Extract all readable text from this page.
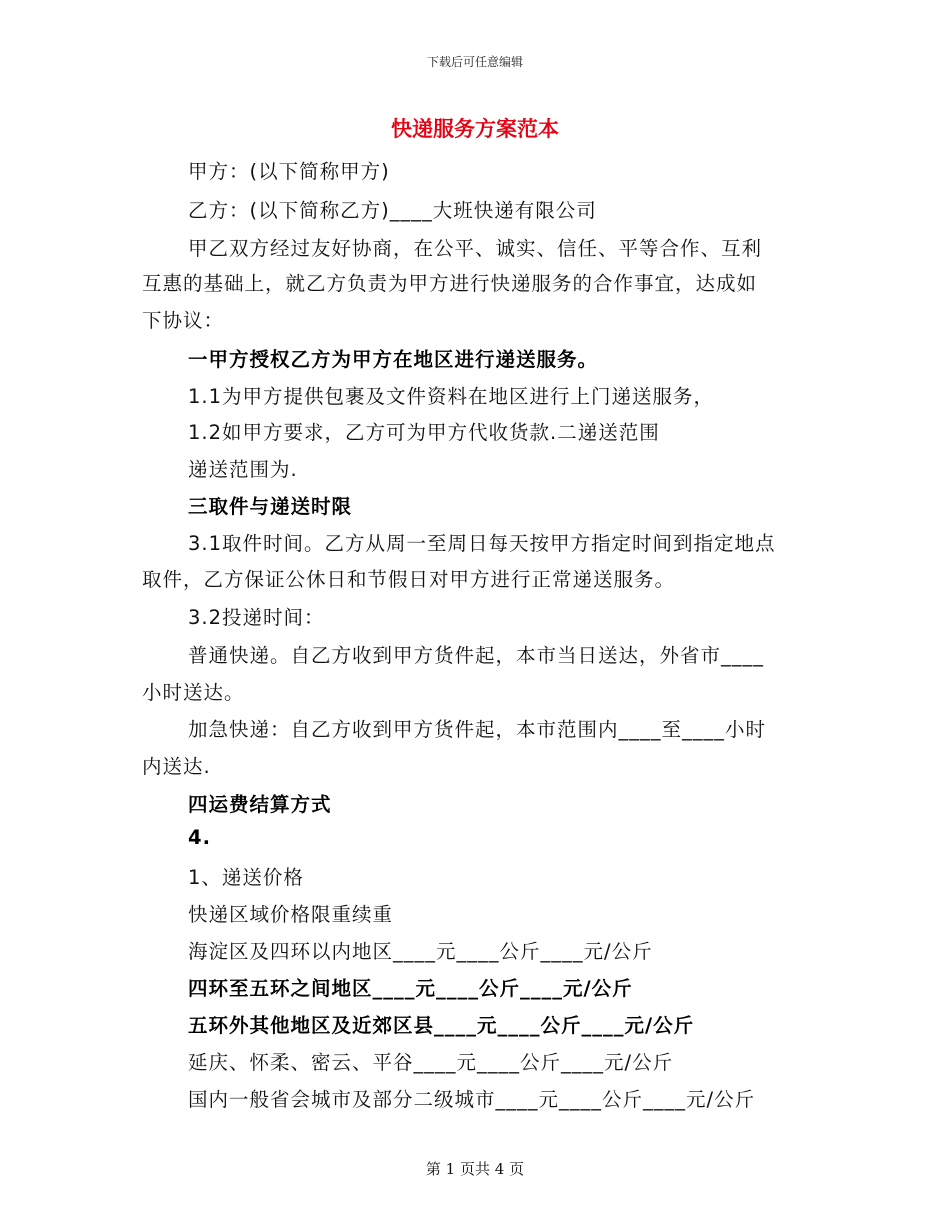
下载后可任意编辑
快递服务方案范本
甲方：(以下简称甲方)
乙方：(以下简称乙方)____大班快递有限公司
甲乙双方经过友好协商，在公平、诚实、信任、平等合作、互利
互惠的基础上，就乙方负责为甲方进行快递服务的合作事宜，达成如
下协议：
一甲方授权乙方为甲方在地区进行递送服务。
1.1为甲方提供包裹及文件资料在地区进行上门递送服务，
1.2如甲方要求，乙方可为甲方代收货款.二递送范围
递送范围为.
三取件与递送时限
3.1取件时间。乙方从周一至周日每天按甲方指定时间到指定地点
取件，乙方保证公休日和节假日对甲方进行正常递送服务。
3.2投递时间：
普通快递。自乙方收到甲方货件起，本市当日送达，外省市____
小时送达。
加急快递：自乙方收到甲方货件起，本市范围内____至____小时
内送达.
四运费结算方式
4.
1、递送价格
快递区域价格限重续重
海淀区及四环以内地区____元____公斤____元/公斤
四环至五环之间地区____元____公斤____元/公斤
五环外其他地区及近郊区县____元____公斤____元/公斤
延庆、怀柔、密云、平谷____元____公斤____元/公斤
国内一般省会城市及部分二级城市____元____公斤____元/公斤
第 1 页共 4 页
